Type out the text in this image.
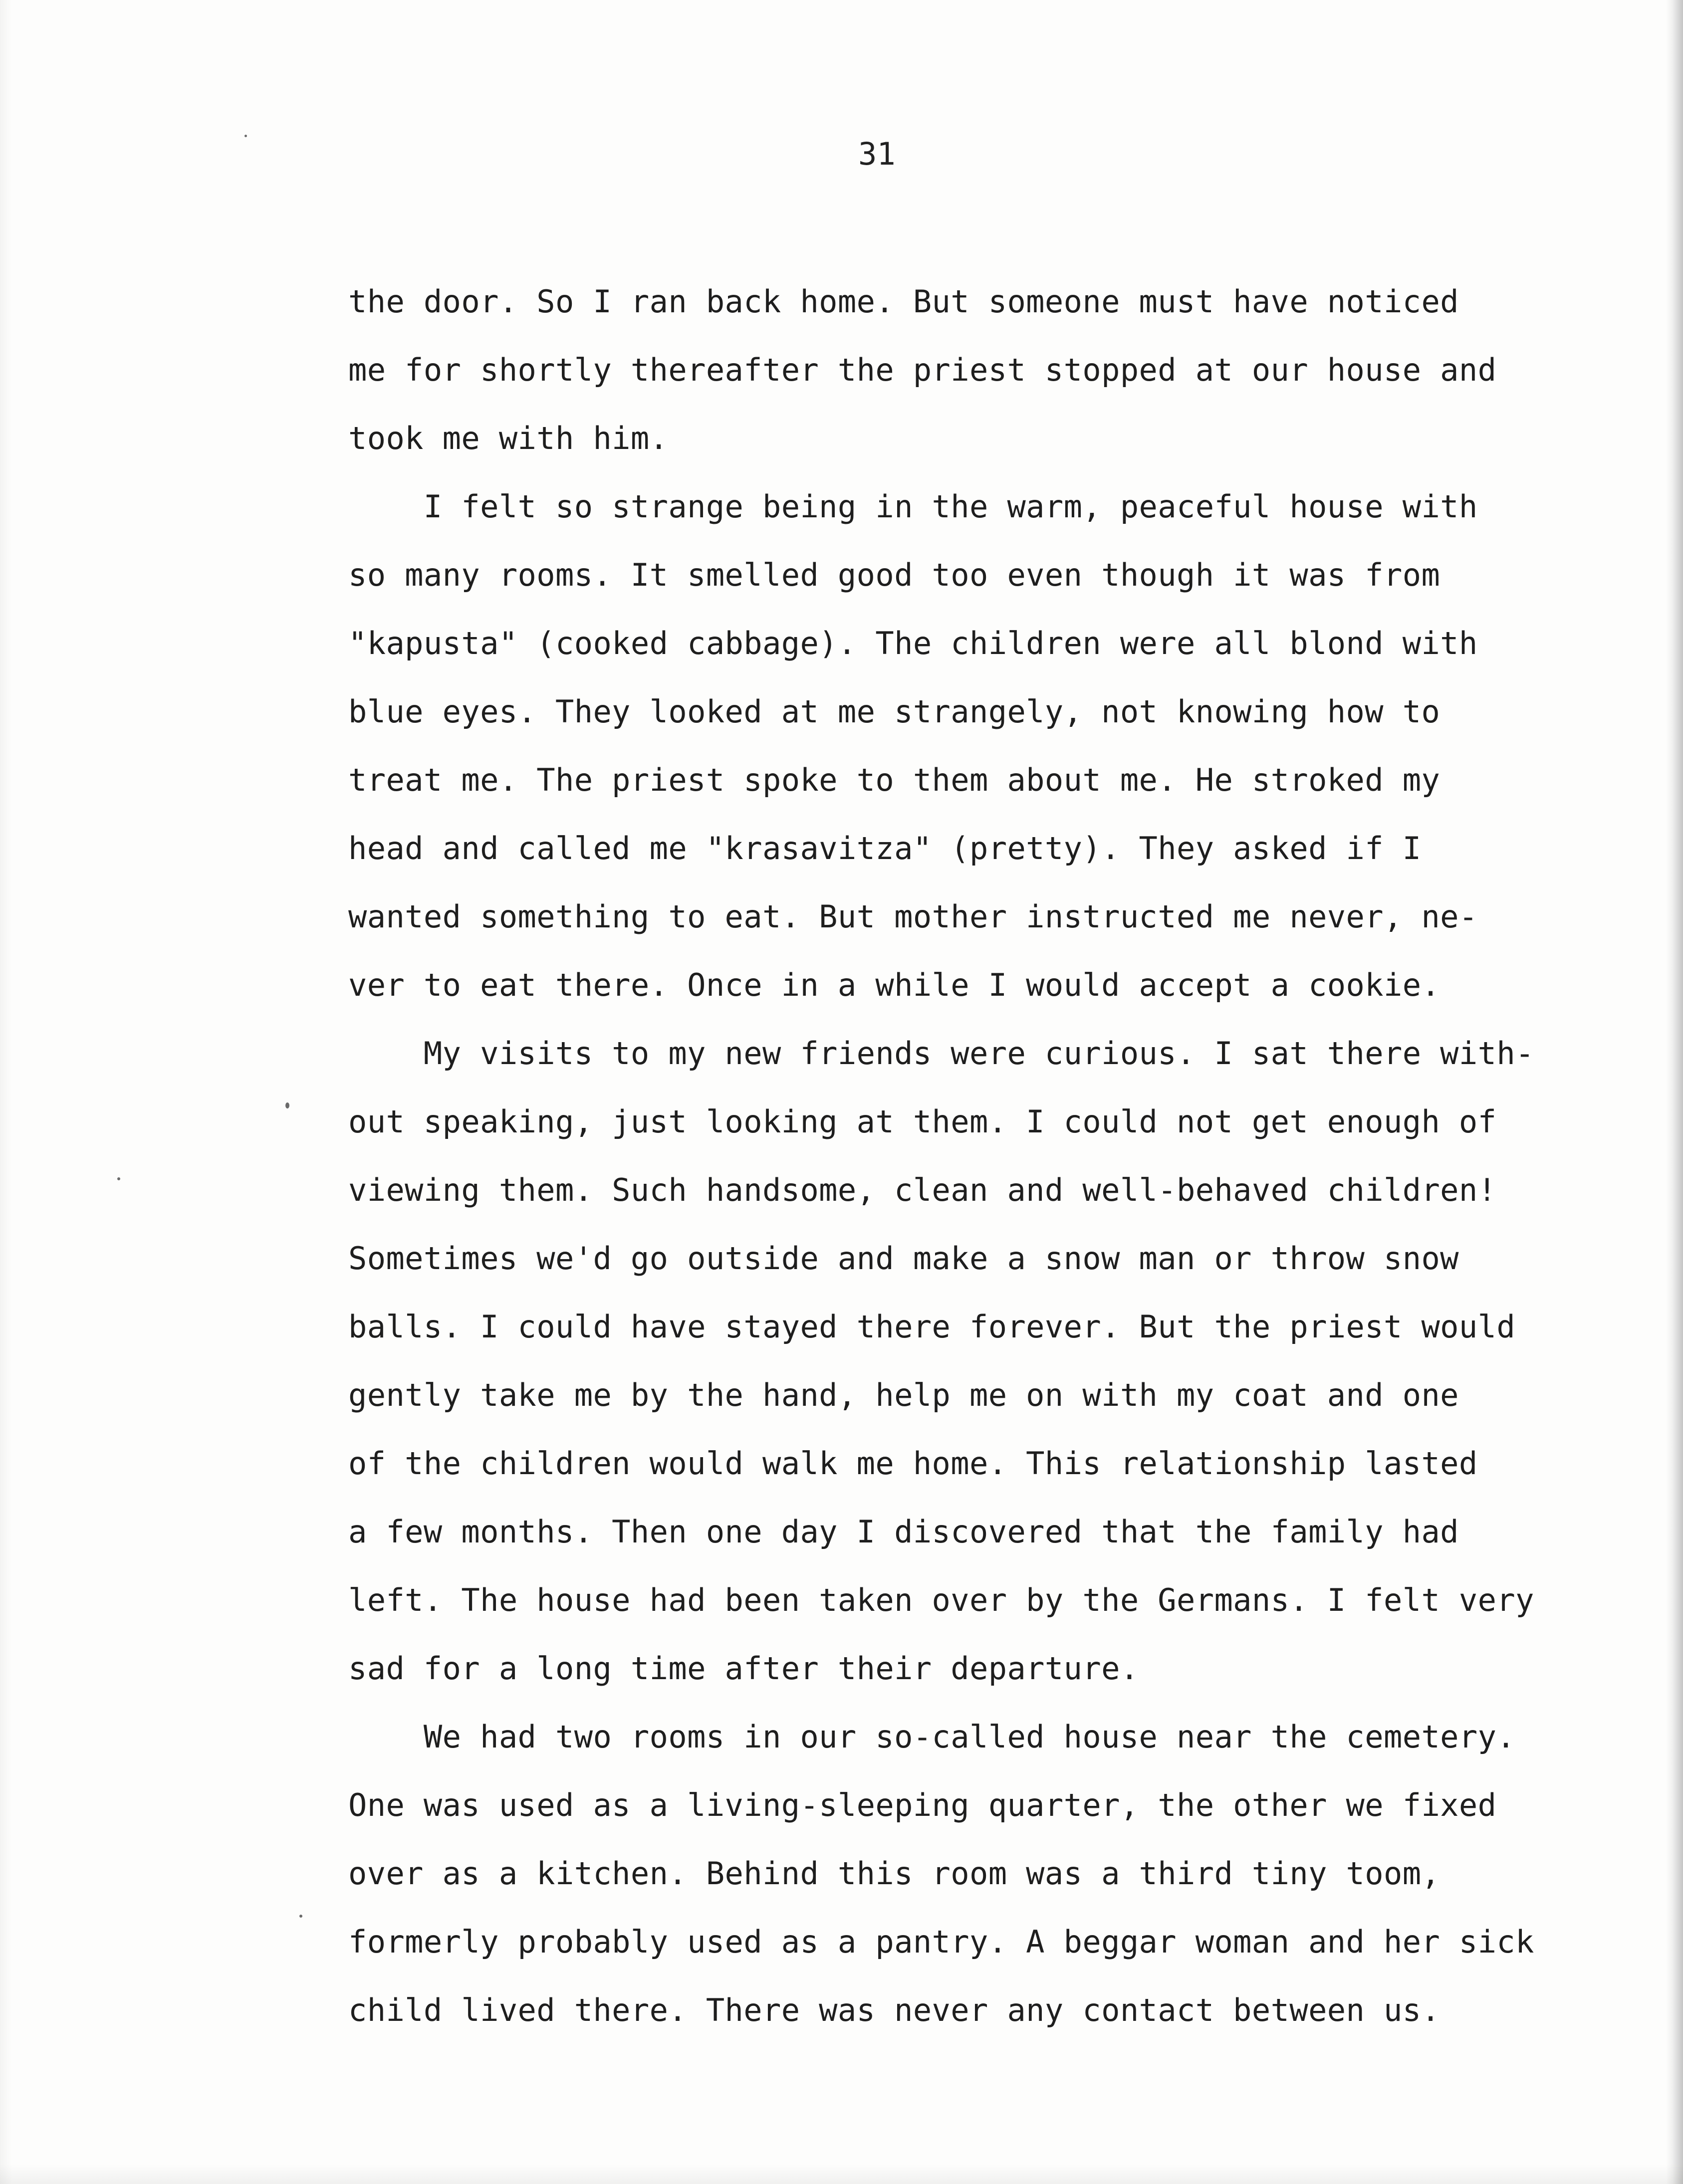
31
the door. So I ran back home. But someone must have noticed
me for shortly thereafter the priest stopped at our house and
took me with him.
I felt so strange being in the warm, peaceful house with
so many rooms. It smelled good too even though it was from
"kapusta" (cooked cabbage). The children were all blond with
blue eyes. They looked at me strangely, not knowing how to
treat me. The priest spoke to them about me. He stroked my
head and called me "krasavitza" (pretty). They asked if I
wanted something to eat. But mother instructed me never, ne-
ver to eat there. Once in a while I would accept a cookie.
My visits to my new friends were curious. I sat there with-
out speaking, just looking at them. I could not get enough of
viewing them. Such handsome, clean and well-behaved children!
Sometimes we'd go outside and make a snow man or throw snow
balls. I could have stayed there forever. But the priest would
gently take me by the hand, help me on with my coat and one
of the children would walk me home. This relationship lasted
a few months. Then one day I discovered that the family had
left. The house had been taken over by the Germans. I felt very
sad for a long time after their departure.
We had two rooms in our so-called house near the cemetery.
One was used as a living-sleeping quarter, the other we fixed
over as a kitchen. Behind this room was a third tiny toom,
formerly probably used as a pantry. A beggar woman and her sick
child lived there. There was never any contact between us.
